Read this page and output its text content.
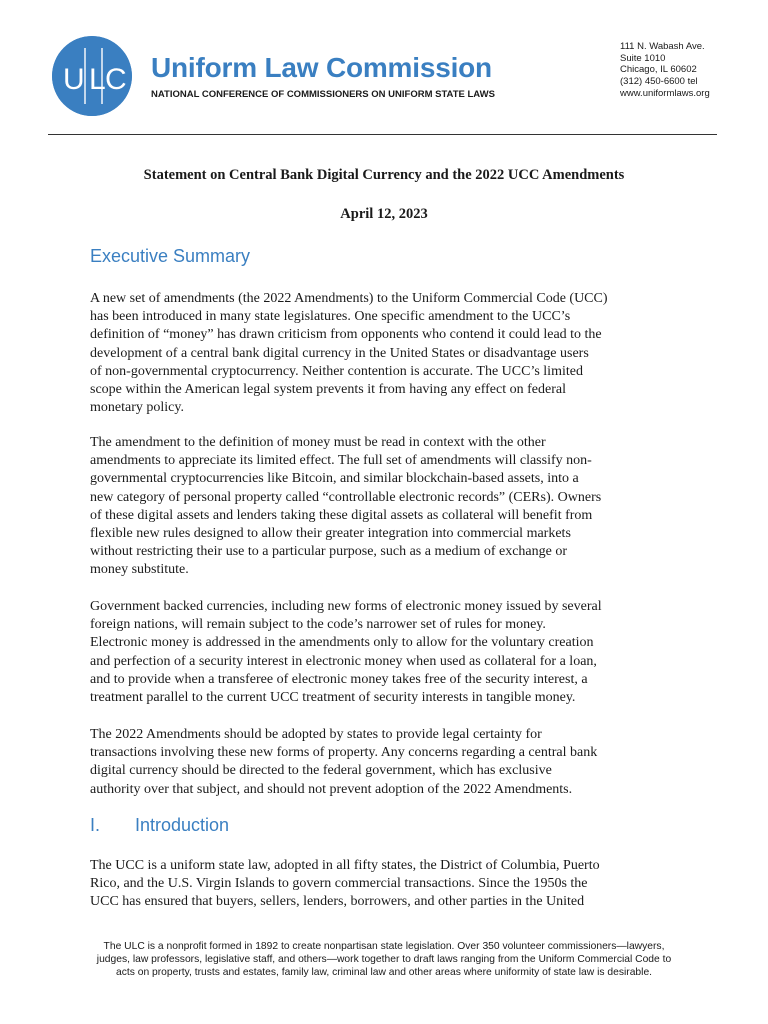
U L C Uniform Law Commission
NATIONAL CONFERENCE OF COMMISSIONERS ON UNIFORM STATE LAWS
111 N. Wabash Ave.
Suite 1010
Chicago, IL 60602
(312) 450-6600 tel
www.uniformlaws.org
Statement on Central Bank Digital Currency and the 2022 UCC Amendments
April 12, 2023
Executive Summary
A new set of amendments (the 2022 Amendments) to the Uniform Commercial Code (UCC)
has been introduced in many state legislatures. One specific amendment to the UCC’s
definition of “money” has drawn criticism from opponents who contend it could lead to the
development of a central bank digital currency in the United States or disadvantage users
of non-governmental cryptocurrency. Neither contention is accurate. The UCC’s limited
scope within the American legal system prevents it from having any effect on federal
monetary policy.
The amendment to the definition of money must be read in context with the other
amendments to appreciate its limited effect. The full set of amendments will classify non-
governmental cryptocurrencies like Bitcoin, and similar blockchain-based assets, into a
new category of personal property called “controllable electronic records” (CERs). Owners
of these digital assets and lenders taking these digital assets as collateral will benefit from
flexible new rules designed to allow their greater integration into commercial markets
without restricting their use to a particular purpose, such as a medium of exchange or
money substitute.
Government backed currencies, including new forms of electronic money issued by several
foreign nations, will remain subject to the code’s narrower set of rules for money.
Electronic money is addressed in the amendments only to allow for the voluntary creation
and perfection of a security interest in electronic money when used as collateral for a loan,
and to provide when a transferee of electronic money takes free of the security interest, a
treatment parallel to the current UCC treatment of security interests in tangible money.
The 2022 Amendments should be adopted by states to provide legal certainty for
transactions involving these new forms of property. Any concerns regarding a central bank
digital currency should be directed to the federal government, which has exclusive
authority over that subject, and should not prevent adoption of the 2022 Amendments.
I. Introduction
The UCC is a uniform state law, adopted in all fifty states, the District of Columbia, Puerto
Rico, and the U.S. Virgin Islands to govern commercial transactions. Since the 1950s the
UCC has ensured that buyers, sellers, lenders, borrowers, and other parties in the United
The ULC is a nonprofit formed in 1892 to create nonpartisan state legislation. Over 350 volunteer commissioners—lawyers,
judges, law professors, legislative staff, and others—work together to draft laws ranging from the Uniform Commercial Code to
acts on property, trusts and estates, family law, criminal law and other areas where uniformity of state law is desirable.
